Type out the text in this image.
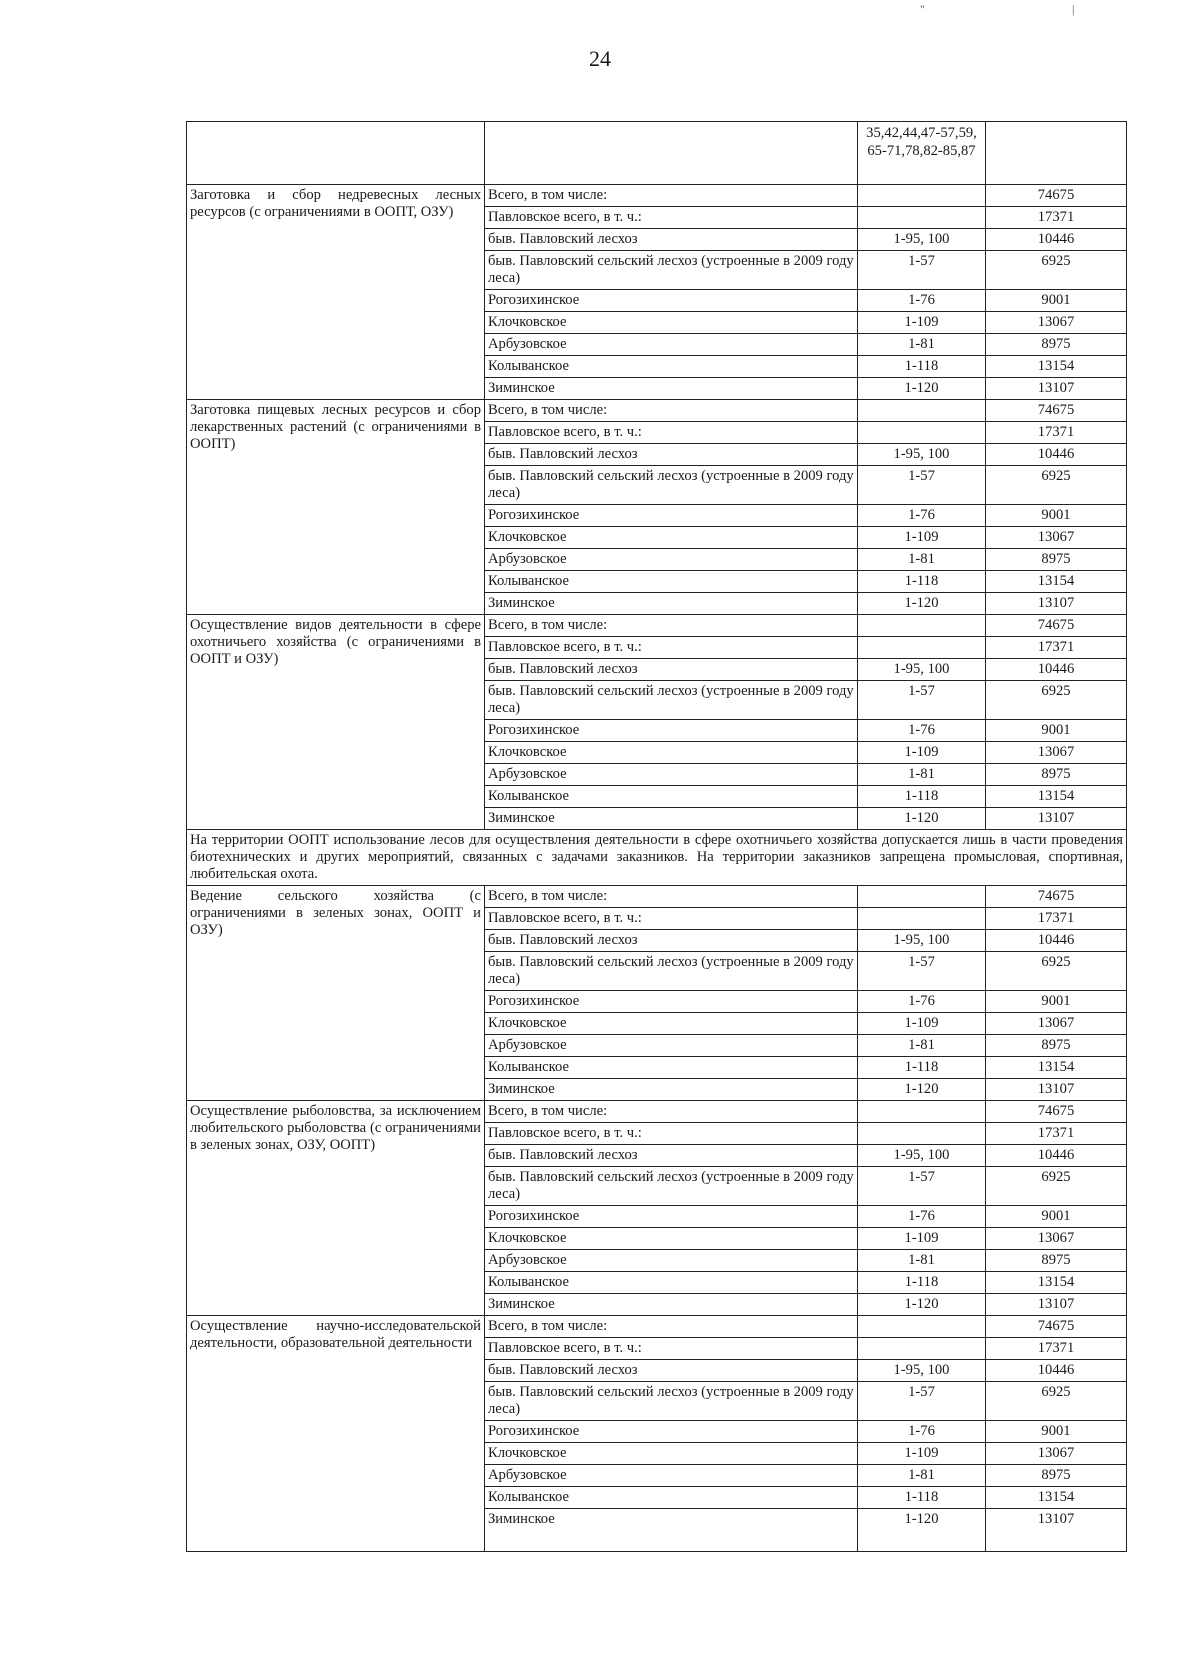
"	|
24
		35,42,44,47-57,59, 65-71,78,82-85,87	
Заготовка и сбор недревесных лесных ресурсов (с ограничениями в ООПТ, ОЗУ)	Всего, в том числе:		74675
	Павловское всего, в т. ч.:		17371
	быв. Павловский лесхоз	1-95, 100	10446
	быв. Павловский сельский лесхоз (устроенные в 2009 году леса)	1-57	6925
	Рогозихинское	1-76	9001
	Клочковское	1-109	13067
	Арбузовское	1-81	8975
	Колыванское	1-118	13154
	Зиминское	1-120	13107
Заготовка пищевых лесных ресурсов и сбор лекарственных растений (с ограничениями в ООПТ)	Всего, в том числе:		74675
	Павловское всего, в т. ч.:		17371
	быв. Павловский лесхоз	1-95, 100	10446
	быв. Павловский сельский лесхоз (устроенные в 2009 году леса)	1-57	6925
	Рогозихинское	1-76	9001
	Клочковское	1-109	13067
	Арбузовское	1-81	8975
	Колыванское	1-118	13154
	Зиминское	1-120	13107
Осуществление видов деятельности в сфере охотничьего хозяйства (с ограничениями в ООПТ и ОЗУ)	Всего, в том числе:		74675
	Павловское всего, в т. ч.:		17371
	быв. Павловский лесхоз	1-95, 100	10446
	быв. Павловский сельский лесхоз (устроенные в 2009 году леса)	1-57	6925
	Рогозихинское	1-76	9001
	Клочковское	1-109	13067
	Арбузовское	1-81	8975
	Колыванское	1-118	13154
	Зиминское	1-120	13107
На территории ООПТ использование лесов для осуществления деятельности в сфере охотничьего хозяйства допускается лишь в части проведения биотехнических и других мероприятий, связанных с задачами заказников. На территории заказников запрещена промысловая, спортивная, любительская охота.			
Ведение сельского хозяйства (с ограничениями в зеленых зонах, ООПТ и ОЗУ)	Всего, в том числе:		74675
	Павловское всего, в т. ч.:		17371
	быв. Павловский лесхоз	1-95, 100	10446
	быв. Павловский сельский лесхоз (устроенные в 2009 году леса)	1-57	6925
	Рогозихинское	1-76	9001
	Клочковское	1-109	13067
	Арбузовское	1-81	8975
	Колыванское	1-118	13154
	Зиминское	1-120	13107
Осуществление рыболовства, за исключением любительского рыболовства (с ограничениями в зеленых зонах, ОЗУ, ООПТ)	Всего, в том числе:		74675
	Павловское всего, в т. ч.:		17371
	быв. Павловский лесхоз	1-95, 100	10446
	быв. Павловский сельский лесхоз (устроенные в 2009 году леса)	1-57	6925
	Рогозихинское	1-76	9001
	Клочковское	1-109	13067
	Арбузовское	1-81	8975
	Колыванское	1-118	13154
	Зиминское	1-120	13107
Осуществление научно-исследовательской деятельности, образовательной деятельности	Всего, в том числе:		74675
	Павловское всего, в т. ч.:		17371
	быв. Павловский лесхоз	1-95, 100	10446
	быв. Павловский сельский лесхоз (устроенные в 2009 году леса)	1-57	6925
	Рогозихинское	1-76	9001
	Клочковское	1-109	13067
	Арбузовское	1-81	8975
	Колыванское	1-118	13154
	Зиминское	1-120	13107
